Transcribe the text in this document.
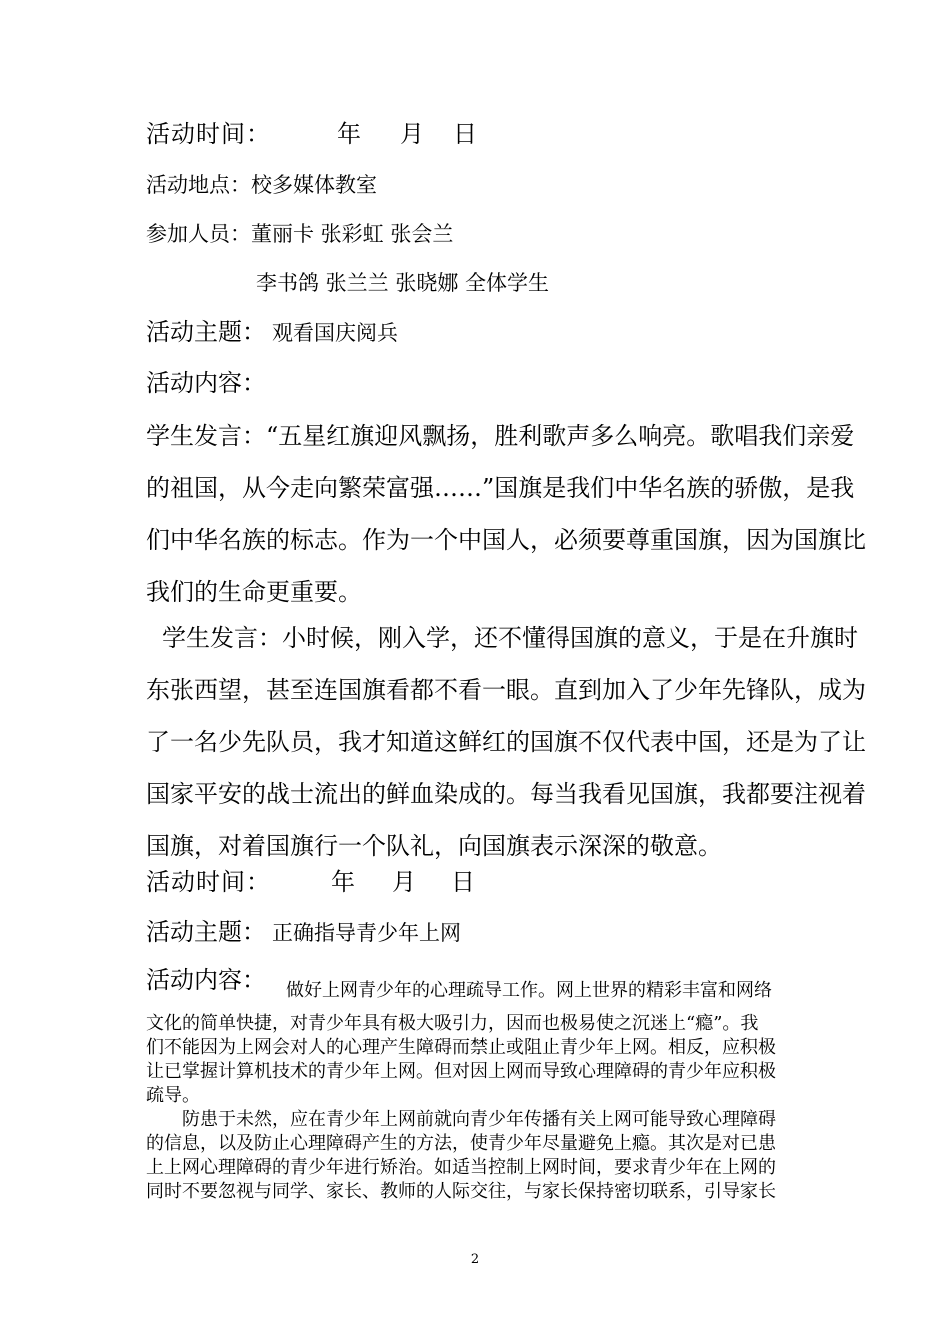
活动时间：	年 月 日
活动地点：校多媒体教室
参加人员：董丽卡 张彩虹 张会兰
李书鸽 张兰兰 张晓娜 全体学生
活动主题： 观看国庆阅兵
活动内容：
学生发言：“五星红旗迎风飘扬，胜利歌声多么响亮。歌唱我们亲爱
的祖国，从今走向繁荣富强……”国旗是我们中华名族的骄傲，是我
们中华名族的标志。作为一个中国人，必须要尊重国旗，因为国旗比
我们的生命更重要。
学生发言：小时候，刚入学，还不懂得国旗的意义，于是在升旗时
东张西望，甚至连国旗看都不看一眼。直到加入了少年先锋队，成为
了一名少先队员，我才知道这鲜红的国旗不仅代表中国，还是为了让
国家平安的战士流出的鲜血染成的。每当我看见国旗，我都要注视着
国旗，对着国旗行一个队礼，向国旗表示深深的敬意。
活动时间：	年 月 日
活动主题： 正确指导青少年上网
活动内容： 做好上网青少年的心理疏导工作。网上世界的精彩丰富和网络
文化的简单快捷，对青少年具有极大吸引力，因而也极易使之沉迷上“瘾”。我
们不能因为上网会对人的心理产生障碍而禁止或阻止青少年上网。相反，应积极
让已掌握计算机技术的青少年上网。但对因上网而导致心理障碍的青少年应积极
疏导。
防患于未然，应在青少年上网前就向青少年传播有关上网可能导致心理障碍
的信息，以及防止心理障碍产生的方法，使青少年尽量避免上瘾。其次是对已患
上上网心理障碍的青少年进行矫治。如适当控制上网时间，要求青少年在上网的
同时不要忽视与同学、家长、教师的人际交往，与家长保持密切联系，引导家长
2
